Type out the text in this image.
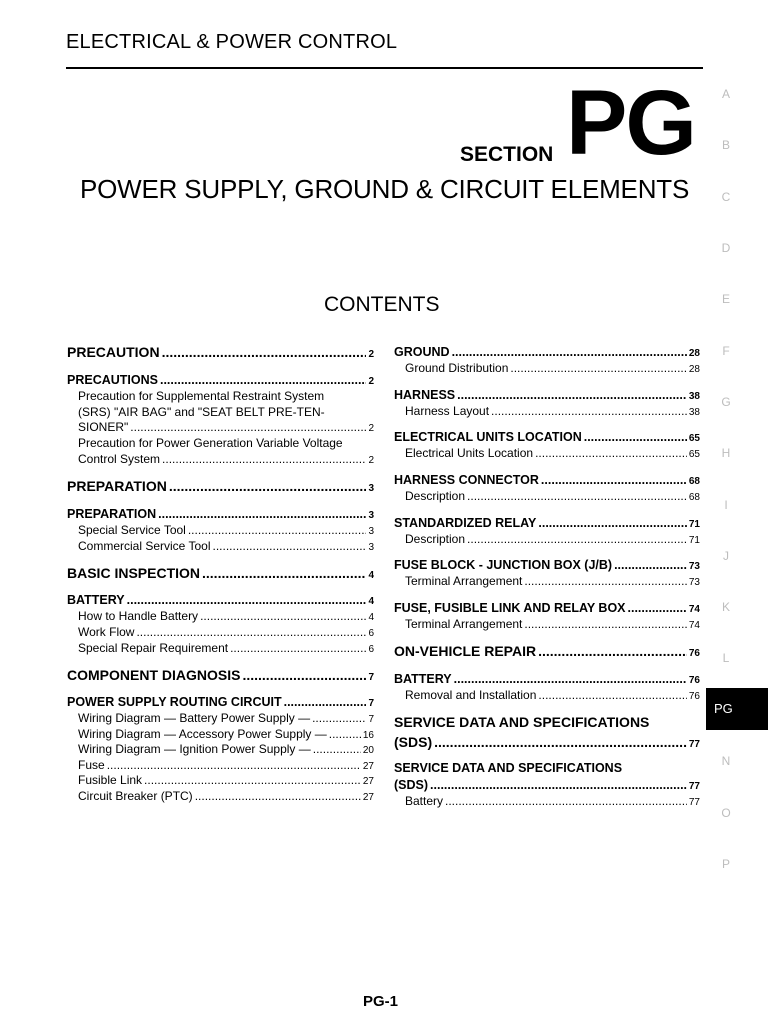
ELECTRICAL & POWER CONTROL
SECTION PG
POWER SUPPLY, GROUND & CIRCUIT ELEMENTS
CONTENTS
A
B
C
D
E
F
G
H
I
J
K
L
PG
N
O
P
PRECAUTION .....	2
PRECAUTIONS .....	2
Precaution for Supplemental Restraint System
(SRS) "AIR BAG" and "SEAT BELT PRE-TEN-
SIONER" .....	2
Precaution for Power Generation Variable Voltage
Control System .....	2
PREPARATION .....	3
PREPARATION .....	3
Special Service Tool .....	3
Commercial Service Tool .....	3
BASIC INSPECTION .....	4
BATTERY .....	4
How to Handle Battery .....	4
Work Flow .....	6
Special Repair Requirement .....	6
COMPONENT DIAGNOSIS .....	7
POWER SUPPLY ROUTING CIRCUIT .....	7
Wiring Diagram — Battery Power Supply — .....	7
Wiring Diagram — Accessory Power Supply — .....	16
Wiring Diagram — Ignition Power Supply — .....	20
Fuse .....	27
Fusible Link .....	27
Circuit Breaker (PTC) .....	27
GROUND .....	28
Ground Distribution .....	28
HARNESS .....	38
Harness Layout .....	38
ELECTRICAL UNITS LOCATION .....	65
Electrical Units Location .....	65
HARNESS CONNECTOR .....	68
Description .....	68
STANDARDIZED RELAY .....	71
Description .....	71
FUSE BLOCK - JUNCTION BOX (J/B) .....	73
Terminal Arrangement .....	73
FUSE, FUSIBLE LINK AND RELAY BOX .....	74
Terminal Arrangement .....	74
ON-VEHICLE REPAIR .....	76
BATTERY .....	76
Removal and Installation .....	76
SERVICE DATA AND SPECIFICATIONS
(SDS) .....	77
SERVICE DATA AND SPECIFICATIONS
(SDS) .....	77
Battery .....	77
PG-1
